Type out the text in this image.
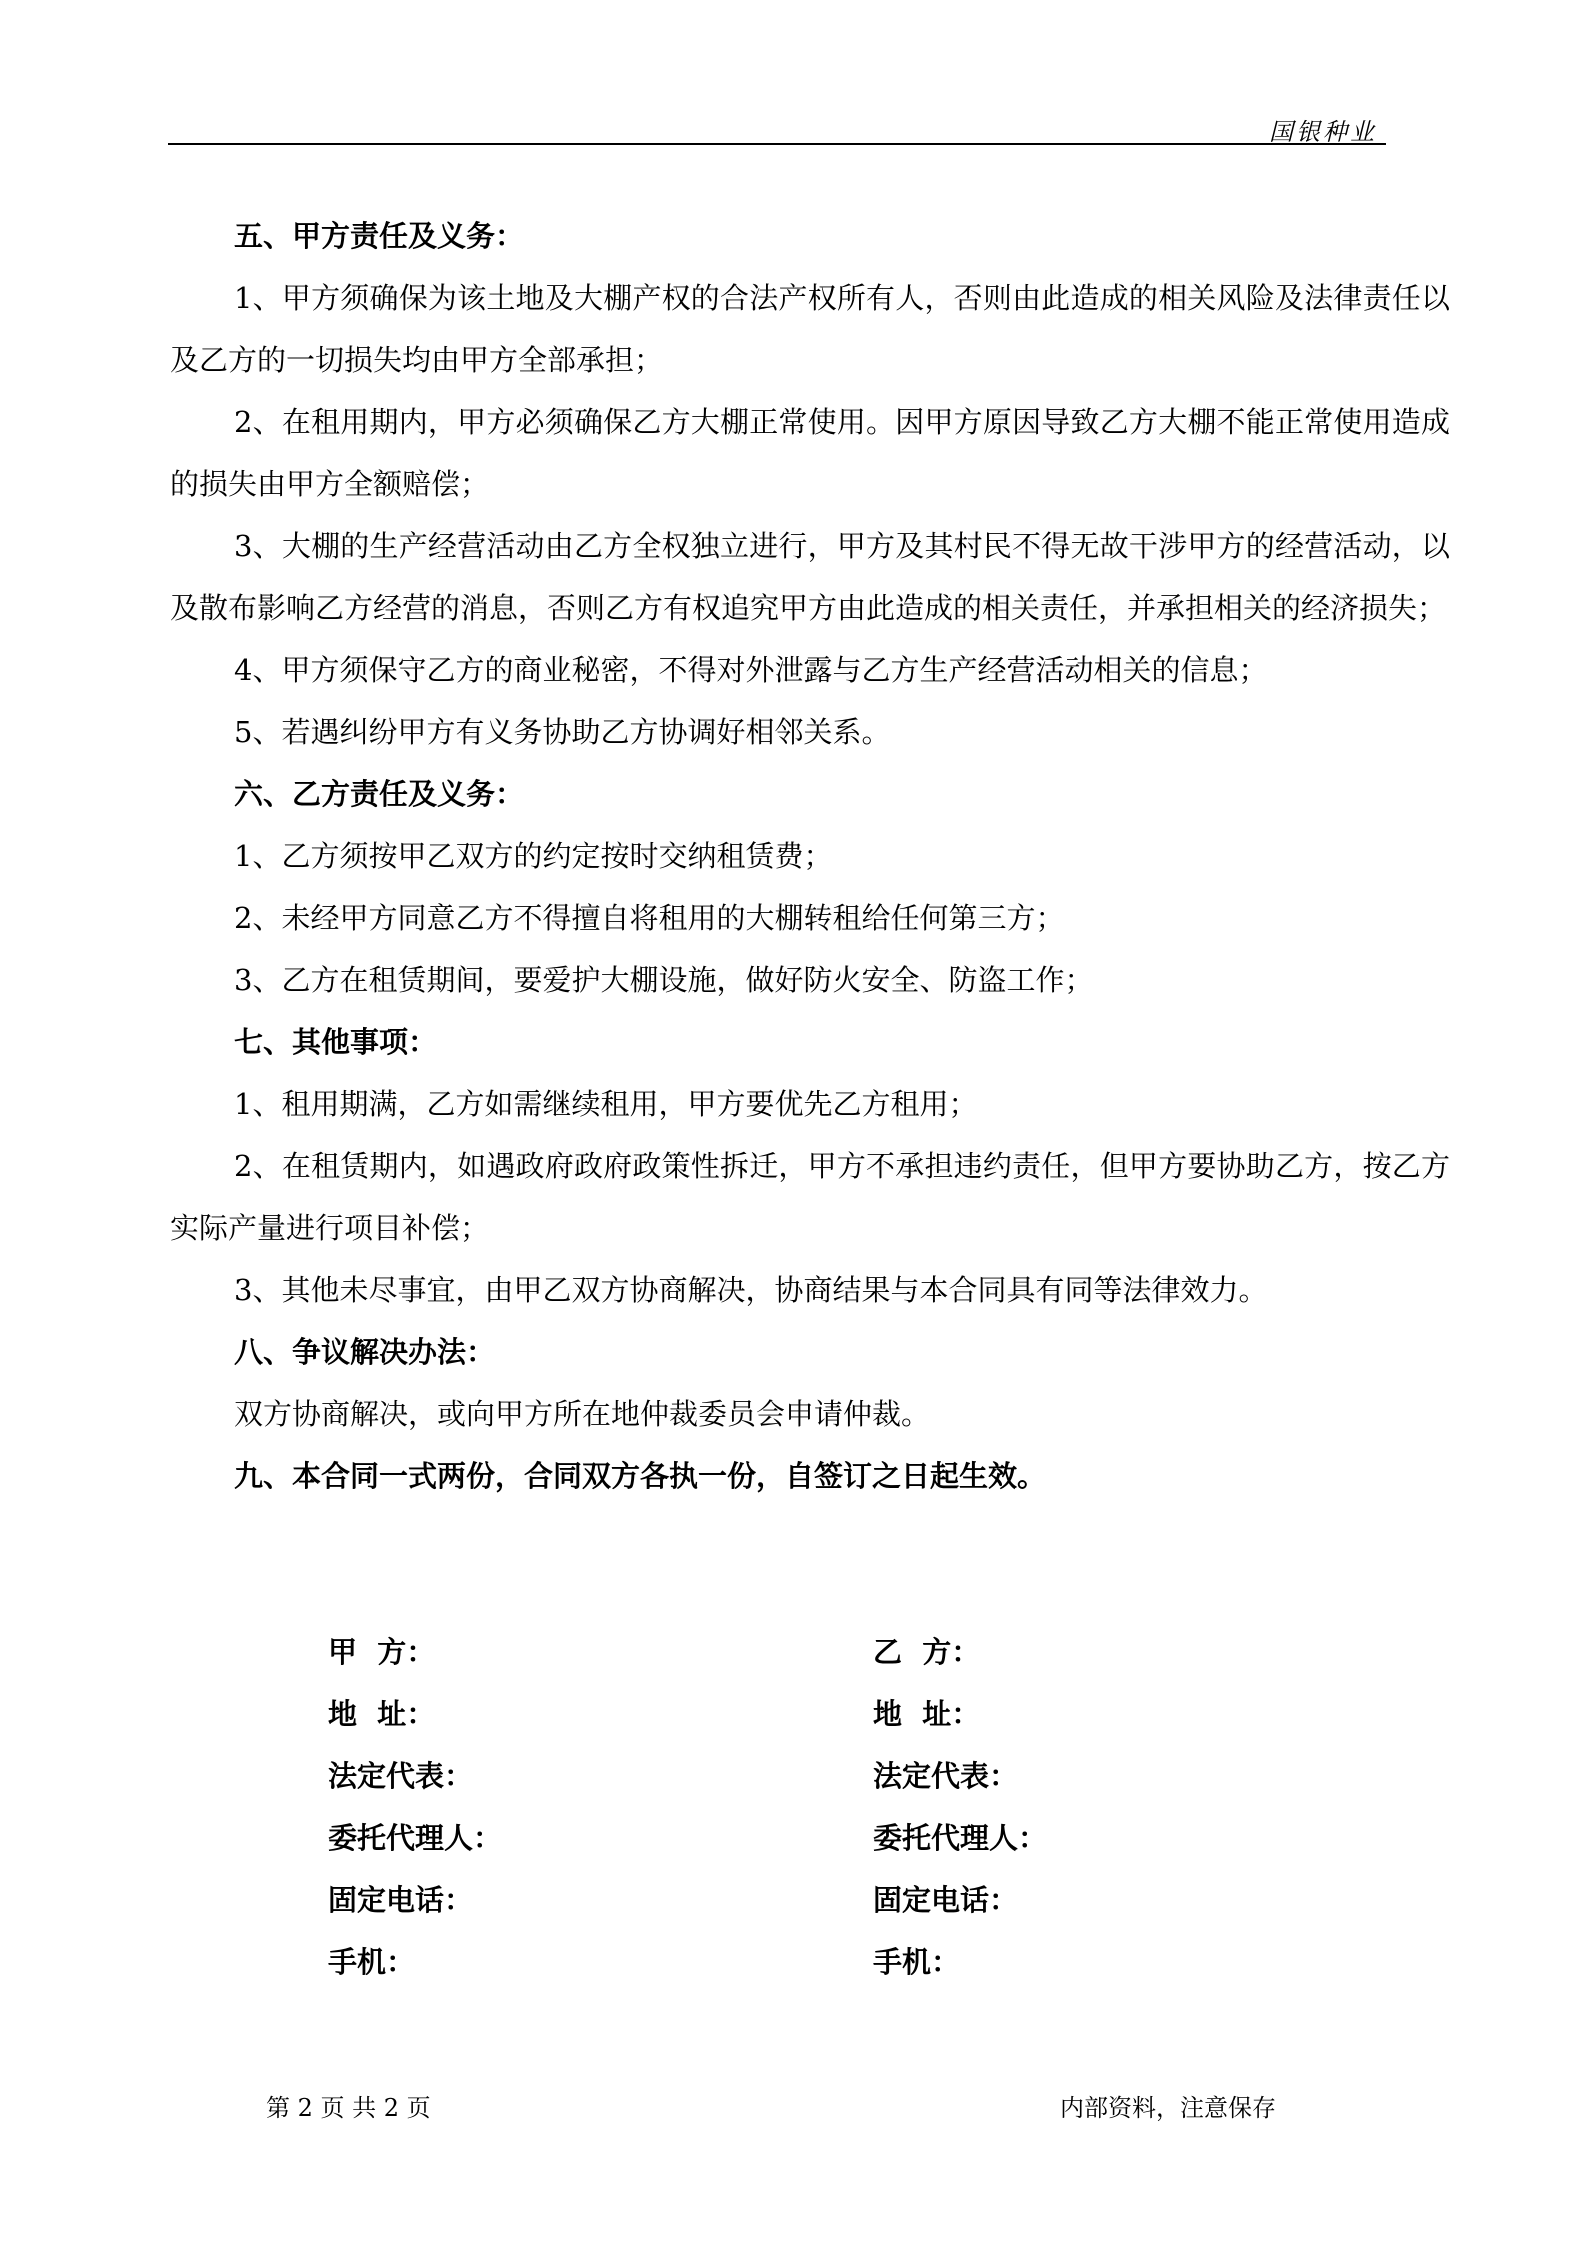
国银种业

五、甲方责任及义务：

1、甲方须确保为该土地及大棚产权的合法产权所有人，否则由此造成的相关风险及法律责任以及乙方的一切损失均由甲方全部承担；

2、在租用期内，甲方必须确保乙方大棚正常使用。因甲方原因导致乙方大棚不能正常使用造成的损失由甲方全额赔偿；

3、大棚的生产经营活动由乙方全权独立进行，甲方及其村民不得无故干涉甲方的经营活动，以及散布影响乙方经营的消息，否则乙方有权追究甲方由此造成的相关责任，并承担相关的经济损失；

4、甲方须保守乙方的商业秘密，不得对外泄露与乙方生产经营活动相关的信息；

5、若遇纠纷甲方有义务协助乙方协调好相邻关系。

六、乙方责任及义务：

1、乙方须按甲乙双方的约定按时交纳租赁费；

2、未经甲方同意乙方不得擅自将租用的大棚转租给任何第三方；

3、乙方在租赁期间，要爱护大棚设施，做好防火安全、防盗工作；

七、其他事项：

1、租用期满，乙方如需继续租用，甲方要优先乙方租用；

2、在租赁期内，如遇政府政府政策性拆迁，甲方不承担违约责任，但甲方要协助乙方，按乙方实际产量进行项目补偿；

3、其他未尽事宜，由甲乙双方协商解决，协商结果与本合同具有同等法律效力。

八、争议解决办法：

双方协商解决，或向甲方所在地仲裁委员会申请仲裁。

九、本合同一式两份，合同双方各执一份，自签订之日起生效。

甲  方：	乙  方：
地  址：	地  址：
法定代表：	法定代表：
委托代理人：	委托代理人：
固定电话：	固定电话：
手机：	手机：
第 2 页 共 2 页	内部资料，注意保存
